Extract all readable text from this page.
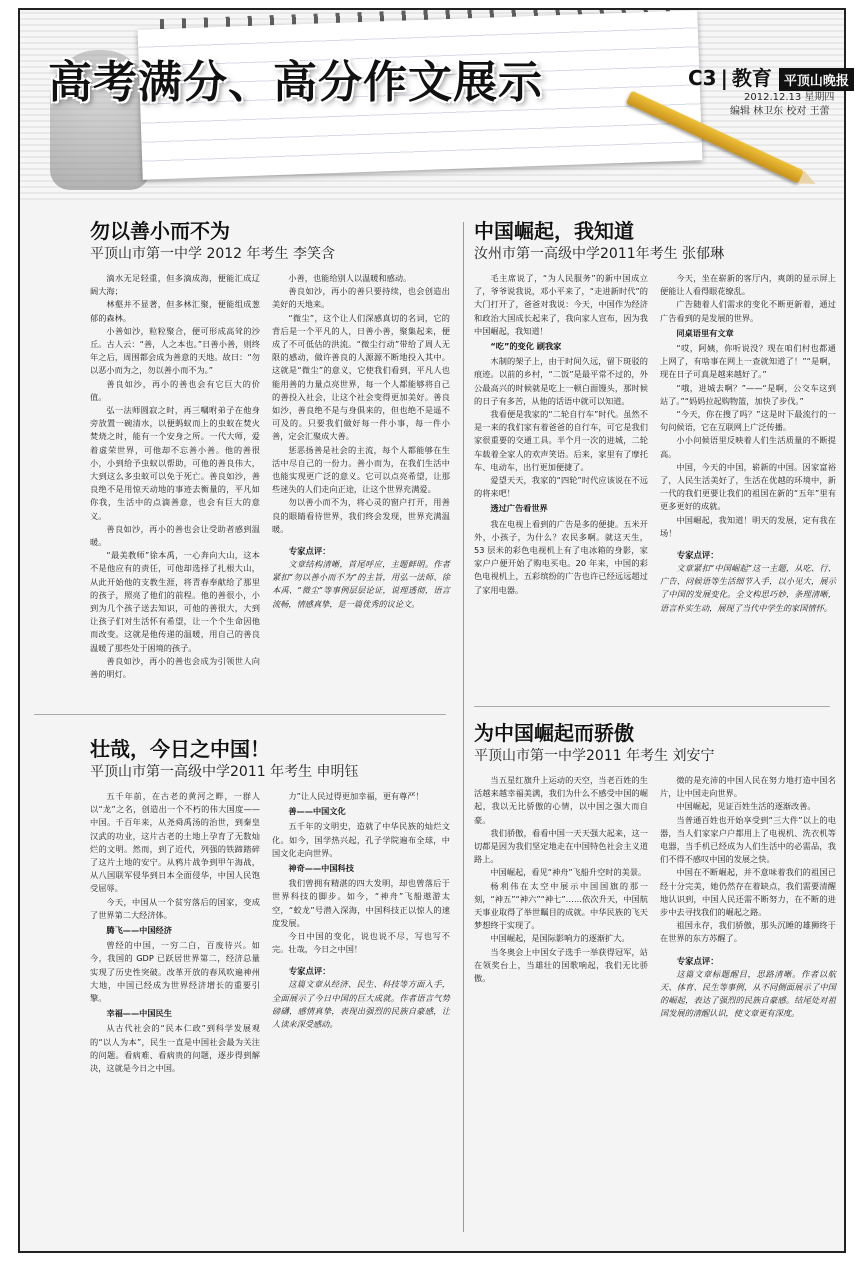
高考满分、高分作文展示	C3 | 教育 平顶山晚报
2012.12.13 星期四
编辑 林卫东 校对 王蕾
勿以善小而不为
平顶山市第一中学 2012 年考生 李笑含

滴水无足轻重，但多滴成海，便能汇成辽阔大海；

林壑并不显著，但多林汇聚，便能组成葱郁的森林。

小善如沙，粒粒聚合，便可形成高耸的沙丘。古人云：“善，人之本也。”日善小善，则终年之后，周围都会成为善意的天地。故曰：“勿以恶小而为之，勿以善小而不为。”

善良如沙，再小的善也会有它巨大的价值。

弘一法师圆寂之时，再三嘱咐弟子在他身旁放置一碗清水，以便蚂蚁而上的虫蚁在焚火焚烧之时，能有一个安身之所。一代大师，爱着虚荣世界，可他却不忘善小善。他的善很小，小到给予虫蚁以帮助，可他的善良伟大，大到这么多虫蚁可以免于死亡。善良如沙，善良绝不是用惊天动地的事迹去衡量的，平凡如你我，生活中的点滴善意，也会有巨大的意义。

善良如沙，再小的善也会让受助者感到温暖。

“最美教师”徐本禹，一心奔向大山，这本不是他应有的责任，可他却选择了扎根大山，从此开始他的支教生涯，将青春奉献给了那里的孩子，照亮了他们的前程。他的善很小，小到为几个孩子送去知识，可他的善很大，大到让孩子们对生活怀有希望，让一个个生命因他而改变。这就是他传递的温暖，用自己的善良温暖了那些处于困境的孩子。

善良如沙，再小的善也会成为引领世人向善的明灯。

小善，也能给别人以温暖和感动。

善良如沙，再小的善只要持续，也会创造出美好的天地来。

“微尘”，这个让人们深感真切的名词，它的背后是一个平凡的人，日善小善，聚集起来，便成了不可低估的洪流。“微尘行动”带给了周人无限的感动，做许善良的人源源不断地投入其中。这就是“微尘”的意义，它使我们看到，平凡人也能用善的力量点亮世界，每一个人都能够将自己的善投入社会，让这个社会变得更加美好。善良如沙，善良绝不是与身俱来的，但也绝不是遥不可及的。只要我们做好每一件小事，每一件小善，定会汇聚成大善。

惩恶扬善是社会的主流，每个人都能够在生活中尽自己的一份力。善小而为，在我们生活中也能实现更广泛的意义。它可以点亮希望，让那些迷失的人们走向正途，让这个世界充满爱。

勿以善小而不为，将心灵的窗户打开，用善良的眼睛看待世界，我们终会发现，世界充满温暖。

专家点评：

文章结构清晰，首尾呼应，主题鲜明。作者紧扣“勿以善小而不为”的主旨，用弘一法师、徐本禹、“微尘”等事例层层论证，说理透彻，语言流畅，情感真挚，是一篇优秀的议论文。

中国崛起，我知道
汝州市第一高级中学2011年考生 张郁琳

毛主席说了，“为人民服务”的新中国成立了，爷爷说我说，邓小平来了，“走进新时代”的大门打开了，爸爸对我说：今天，中国作为经济和政治大国成长起来了，我向家人宣布，因为我中国崛起，我知道！

“吃”的变化 刷我家

木制的架子上，由于时间久远，留下斑驳的痕迹。以前的乡村，“二饭”是最平常不过的，外公最高兴的时候就是吃上一顿白面馒头，那时候的日子有多苦，从他的话语中就可以知道。

我看便是我家的“二轮自行车”时代。虽然不是一来的我们家有着爸爸的自行车，可它是我们家很重要的交通工具。半个月一次的进城，二轮车载着全家人的欢声笑语。后来，家里有了摩托车、电动车，出行更加便捷了。

爱望天天，我家的“四轮”时代应该说在不远的将来吧！

透过广告看世界

我在电视上看到的广告是多的便捷。五米开外，小孩子，为什么？农民多啊。就这天生，53 层米的彩色电视机上有了电冰箱的身影，家家户户便开始了购电买电。20 年来，中国的彩色电视机上，五彩缤纷的广告也许已经远远超过了家用电器。

今天，坐在崭新的客厅内，爽朗的显示屏上便能让人看得眼花缭乱。

广告随着人们需求的变化不断更新着，通过广告看到的是发展的世界。

同桌语里有文章

“哎，阿姨，你听说没？现在咱们村也都通上网了，有啥事在网上一查就知道了！”“是啊，现在日子可真是越来越好了。”

“哦，进城去啊？”——“是啊，公交车这到站了。”“妈妈拉起购物篮，加快了步伐。”

“今天，你在搜了吗？”这是时下最流行的一句问候语，它在互联网上广泛传播。

小小问候语里反映着人们生活质量的不断提高。

中国，今天的中国，崭新的中国。因家富裕了，人民生活美好了，生活在优越的环境中，新一代的我们更要让我们的祖国在新的“五年”里有更多更好的成就。

中国崛起，我知道！明天的发展，定有我在场！

专家点评：

文章紧扣“中国崛起”这一主题，从吃、行、广告、问候语等生活细节入手，以小见大，展示了中国的发展变化。全文构思巧妙，条理清晰，语言朴实生动，展现了当代中学生的家国情怀。

壮哉，今日之中国！
平顶山市第一高级中学2011 年考生 申明钰

五千年前，在古老的黄河之畔，一群人以“龙”之名，创造出一个不朽的伟大国度——中国。千百年来，从尧舜禹汤的治世，到秦皇汉武的功业，这片古老的土地上孕育了无数灿烂的文明。然而，到了近代，列强的铁蹄踏碎了这片土地的安宁。从鸦片战争到甲午海战，从八国联军侵华到日本全面侵华，中国人民饱受屈辱。

今天，中国从一个贫穷落后的国家，变成了世界第二大经济体。

腾飞——中国经济

曾经的中国，一穷二白，百废待兴。如今，我国的 GDP 已跃居世界第二，经济总量实现了历史性突破。改革开放的春风吹遍神州大地，中国已经成为世界经济增长的重要引擎。

幸福——中国民生

从古代社会的“民本仁政”到科学发展观的“以人为本”，民生一直是中国社会最为关注的问题。看病难、看病贵的问题，逐步得到解决，这就是今日之中国。

力”让人民过得更加幸福，更有尊严！

善——中国文化

五千年的文明史，造就了中华民族的灿烂文化。如今，国学热兴起，孔子学院遍布全球，中国文化走向世界。

神奇——中国科技

我们曾拥有精湛的四大发明，却也曾落后于世界科技的脚步。如今，“神舟”飞船遨游太空，“蛟龙”号潜入深海，中国科技正以惊人的速度发展。

今日中国的变化，说也说不尽，写也写不完。壮哉，今日之中国！

专家点评：

这篇文章从经济、民生、科技等方面入手，全面展示了今日中国的巨大成就。作者语言气势磅礴，感情真挚，表现出强烈的民族自豪感，让人读来深受感动。

为中国崛起而骄傲
平顶山市第一中学2011 年考生 刘安宁

当五星红旗升上运动的天空，当老百姓的生活越来越幸福美满，我们为什么不感受中国的崛起，我以无比骄傲的心情，以中国之强大而自豪。

我们骄傲，看看中国一天天强大起来，这一切都是因为我们坚定地走在中国特色社会主义道路上。

中国崛起，看见“神舟”飞船升空时的美景。

杨利伟在太空中展示中国国旗的那一刻，“神五”“神六”“神七”……依次升天，中国航天事业取得了举世瞩目的成就。中华民族的飞天梦想终于实现了。

中国崛起，是国际影响力的逐渐扩大。

当冬奥会上中国女子选手一举获得冠军，站在领奖台上，当雄壮的国歌响起，我们无比骄傲。

微的是充沛的中国人民在努力地打造中国名片，让中国走向世界。

中国崛起，见证百姓生活的逐渐改善。

当普通百姓也开始享受到“三大件”以上的电器，当人们家家户户都用上了电视机、洗衣机等电器，当手机已经成为人们生活中的必需品，我们不得不感叹中国的发展之快。

中国在不断崛起，并不意味着我们的祖国已经十分完美，她仍然存在着缺点，我们需要清醒地认识到，中国人民还需不断努力，在不断的进步中去寻找我们的崛起之路。

祖国永存，我们骄傲，那头沉睡的雄狮终于在世界的东方苏醒了。

专家点评：

这篇文章标题醒目，思路清晰。作者以航天、体育、民生等事例，从不同侧面展示了中国的崛起，表达了强烈的民族自豪感。结尾处对祖国发展的清醒认识，使文章更有深度。
